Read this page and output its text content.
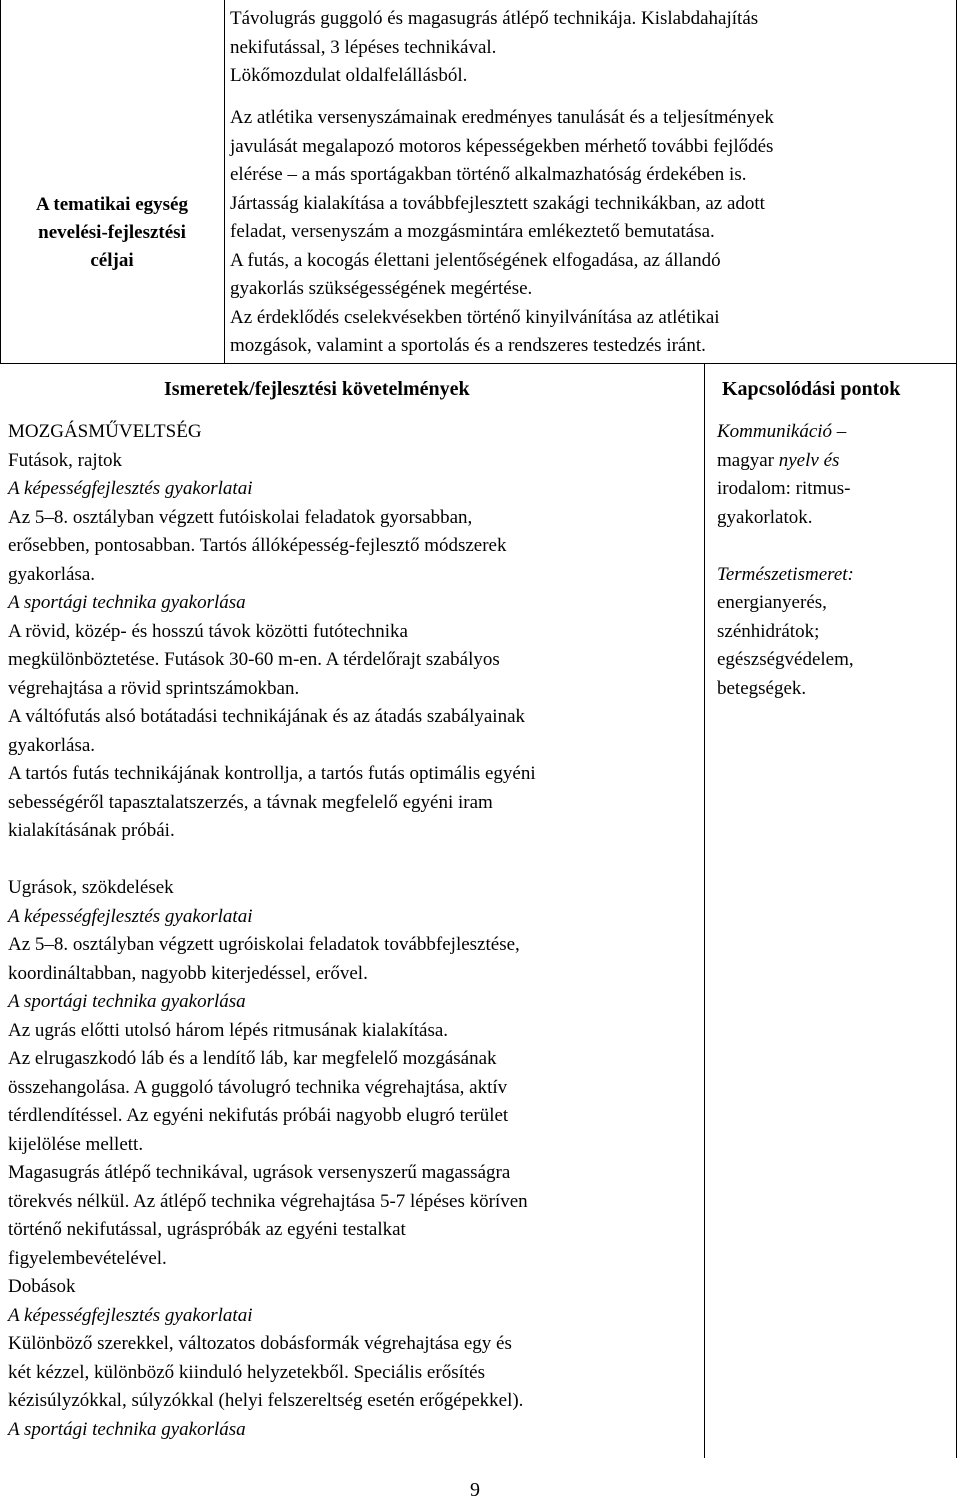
Távolugrás guggoló és magasugrás átlépő technikája. Kislabdahajítás
nekifutással, 3 lépéses technikával.
Lökőmozdulat oldalfelállásból.
A tematikai egység
nevelési-fejlesztési
céljai
Az atlétika versenyszámainak eredményes tanulását és a teljesítmények
javulását megalapozó motoros képességekben mérhető további fejlődés
elérése – a más sportágakban történő alkalmazhatóság érdekében is.
Jártasság kialakítása a továbbfejlesztett szakági technikákban, az adott
feladat, versenyszám a mozgásmintára emlékeztető bemutatása.
A futás, a kocogás élettani jelentőségének elfogadása, az állandó
gyakorlás szükségességének megértése.
Az érdeklődés cselekvésekben történő kinyilvánítása az atlétikai
mozgások, valamint a sportolás és a rendszeres testedzés iránt.
Ismeretek/fejlesztési követelmények	Kapcsolódási pontok
MOZGÁSMŰVELTSÉG
Futások, rajtok
A képességfejlesztés gyakorlatai
Az 5–8. osztályban végzett futóiskolai feladatok gyorsabban,
erősebben, pontosabban. Tartós állóképesség-fejlesztő módszerek
gyakorlása.
A sportági technika gyakorlása
A rövid, közép- és hosszú távok közötti futótechnika
megkülönböztetése. Futások 30-60 m-en. A térdelőrajt szabályos
végrehajtása a rövid sprintszámokban.
A váltófutás alsó botátadási technikájának és az átadás szabályainak
gyakorlása.
A tartós futás technikájának kontrollja, a tartós futás optimális egyéni
sebességéről tapasztalatszerzés, a távnak megfelelő egyéni iram
kialakításának próbái.

Ugrások, szökdelések
A képességfejlesztés gyakorlatai
Az 5–8. osztályban végzett ugróiskolai feladatok továbbfejlesztése,
koordináltabban, nagyobb kiterjedéssel, erővel.
A sportági technika gyakorlása
Az ugrás előtti utolsó három lépés ritmusának kialakítása.
Az elrugaszkodó láb és a lendítő láb, kar megfelelő mozgásának
összehangolása. A guggoló távolugró technika végrehajtása, aktív
térdlendítéssel. Az egyéni nekifutás próbái nagyobb elugró terület
kijelölése mellett.
Magasugrás átlépő technikával, ugrások versenyszerű magasságra
törekvés nélkül. Az átlépő technika végrehajtása 5-7 lépéses köríven
történő nekifutással, ugráspróbák az egyéni testalkat
figyelembevételével.
Dobások
A képességfejlesztés gyakorlatai
Különböző szerekkel, változatos dobásformák végrehajtása egy és
két kézzel, különböző kiinduló helyzetekből. Speciális erősítés
kézisúlyzókkal, súlyzókkal (helyi felszereltség esetén erőgépekkel).
A sportági technika gyakorlása
Kommunikáció –
magyar nyelv és
irodalom: ritmus-
gyakorlatok.

Természetismeret:
energianyerés,
szénhidrátok;
egészségvédelem,
betegségek.
9
